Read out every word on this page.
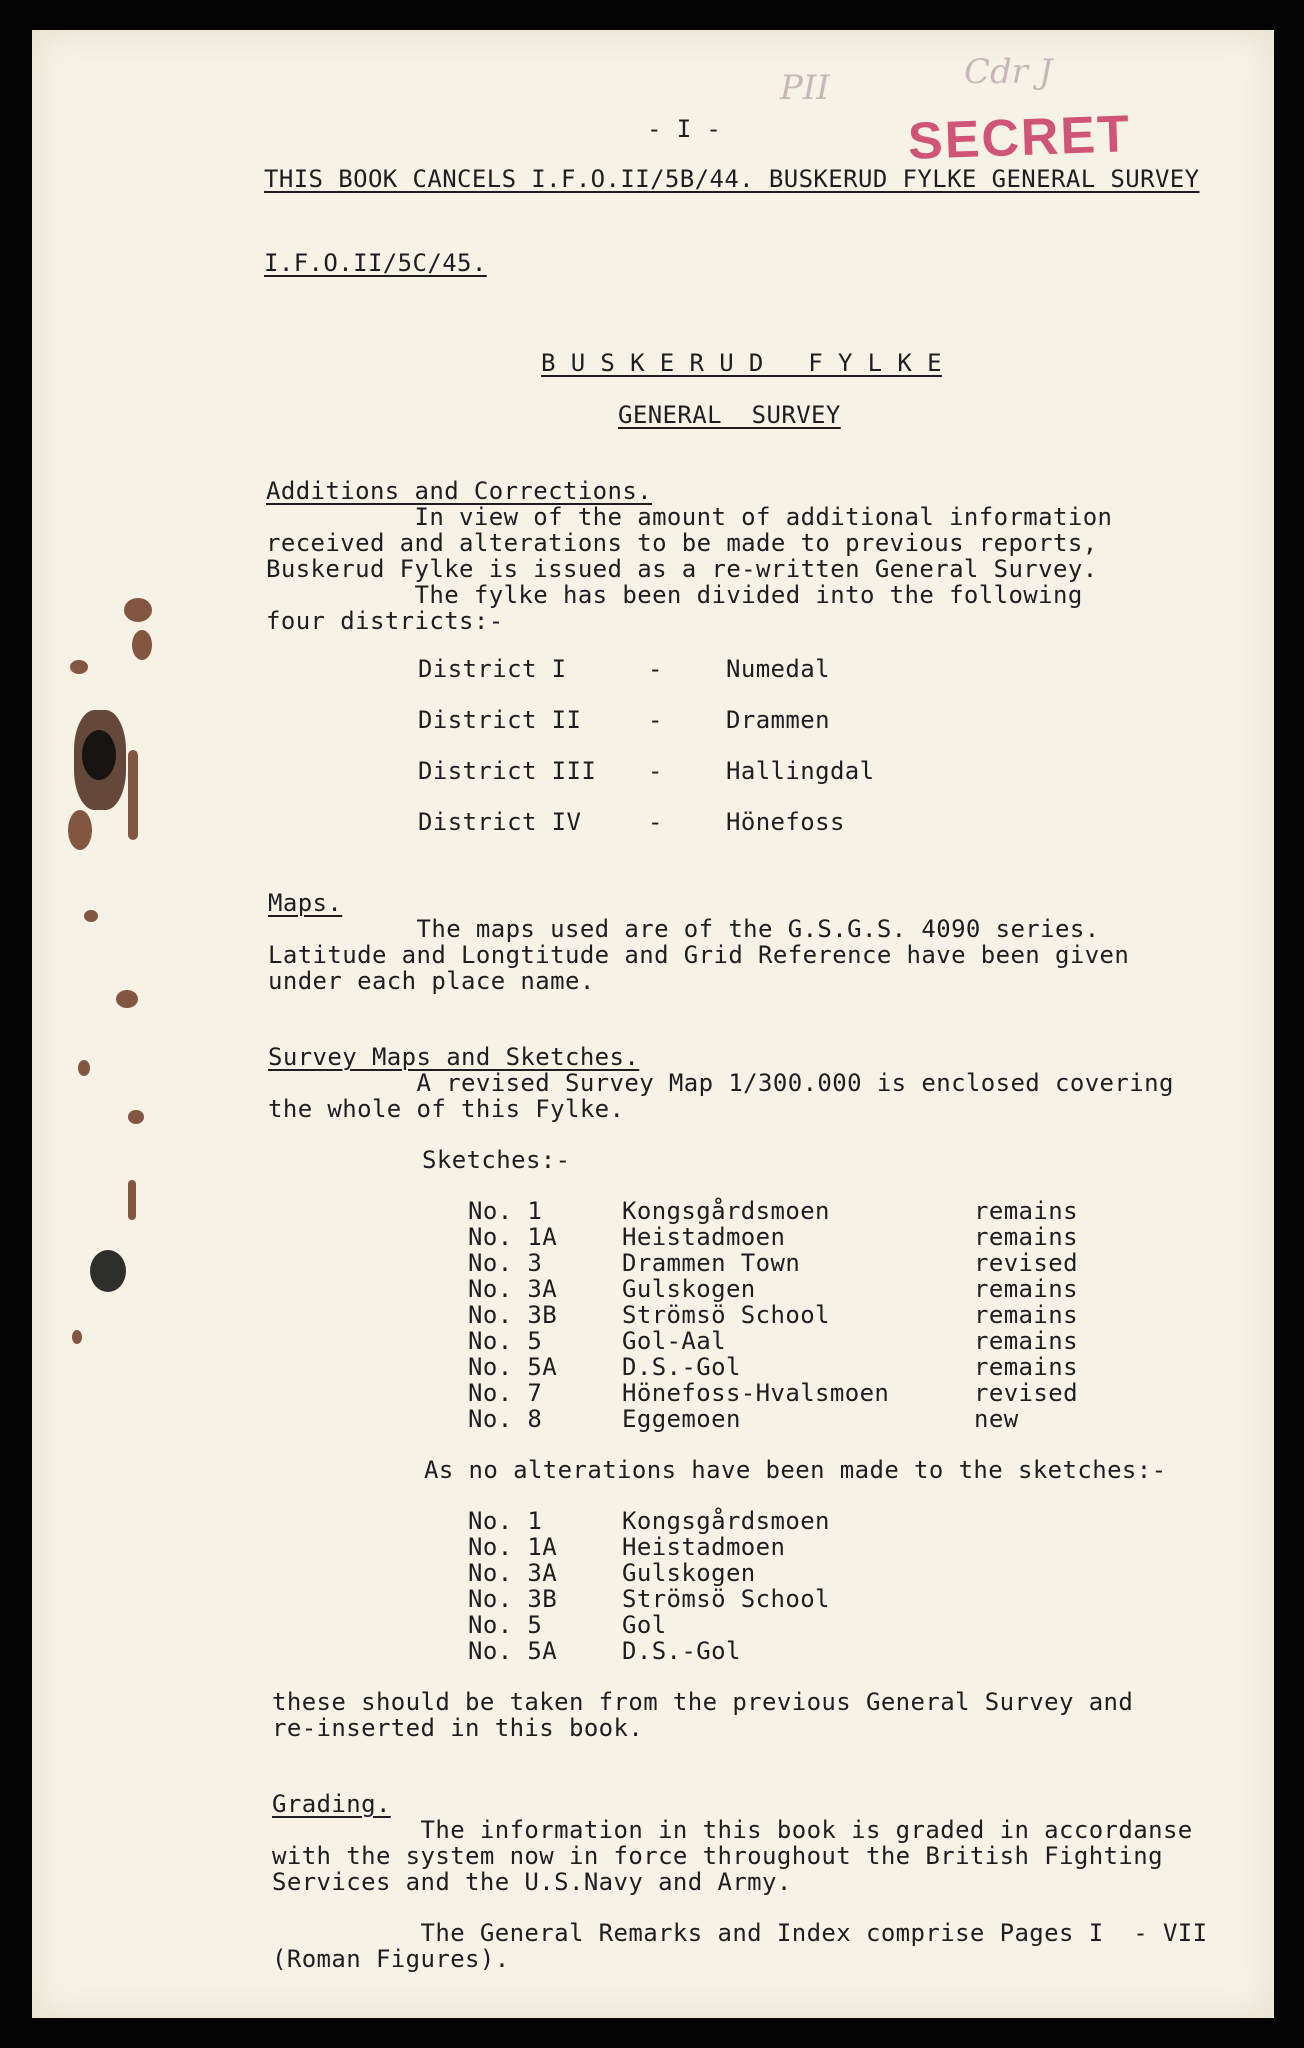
PII	Cdr J
SECRET
- I -
THIS BOOK CANCELS I.F.O.II/5B/44. BUSKERUD FYLKE GENERAL SURVEY
I.F.O.II/5C/45.
B U S K E R U D   F Y L K E
GENERAL  SURVEY
Additions and Corrections.
In view of the amount of additional information
received and alterations to be made to previous reports,
Buskerud Fylke is issued as a re-written General Survey.
The fylke has been divided into the following
four districts:-
District I	-	Numedal
District II	-	Drammen
District III -	Hallingdal
District IV	-	Hönefoss
Maps.
The maps used are of the G.S.G.S. 4090 series.
Latitude and Longtitude and Grid Reference have been given
under each place name.
Survey Maps and Sketches.
A revised Survey Map 1/300.000 is enclosed covering
the whole of this Fylke.
Sketches:-
No. 1	Kongsgårdsmoen	remains
No. 1A	Heistadmoen	remains
No. 3	Drammen Town	revised
No. 3A	Gulskogen	remains
No. 3B	Strömsö School	remains
No. 5	Gol-Aal	remains
No. 5A	D.S.-Gol	remains
No. 7	Hönefoss-Hvalsmoen	revised
No. 8	Eggemoen	new
As no alterations have been made to the sketches:-
No. 1	Kongsgårdsmoen
No. 1A	Heistadmoen
No. 3A	Gulskogen
No. 3B	Strömsö School
No. 5	Gol
No. 5A	D.S.-Gol
these should be taken from the previous General Survey and
re-inserted in this book.
Grading.
The information in this book is graded in accordanse
with the system now in force throughout the British Fighting
Services and the U.S.Navy and Army.
The General Remarks and Index comprise Pages I  - VII
(Roman Figures).
